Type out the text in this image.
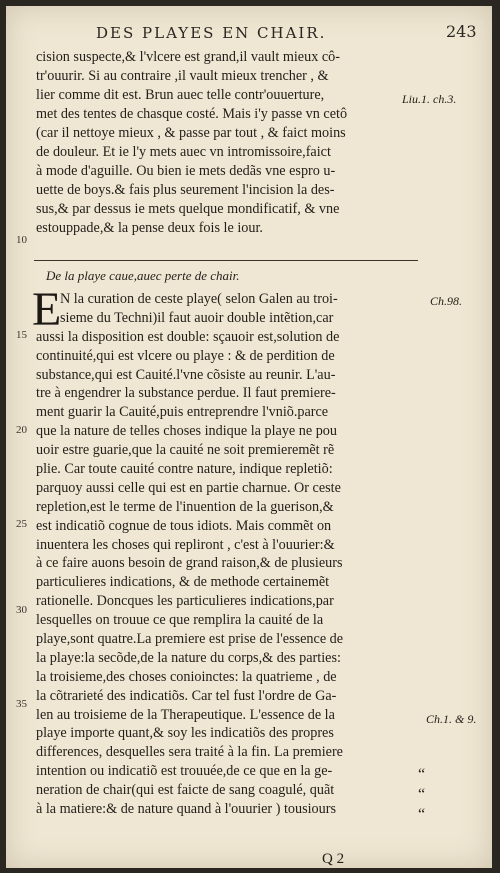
DES PLAYES EN CHAIR.	243
cision suspecte,& l'vlcere est grand,il vault mieux cô-
tr'ouurir. Si au contraire ,il vault mieux trencher , &
lier comme dit est. Brun auec telle contr'ouuerture,
met des tentes de chasque costé. Mais i'y passe vn cetô
(car il nettoye mieux , & passe par tout , & faict moins
de douleur. Et ie l'y mets auec vn intromissoire,faict
à mode d'aguille. Ou bien ie mets dedãs vne espro u-
uette de boys.& fais plus seurement l'incision la des-
sus,& par dessus ie mets quelque mondificatif, & vne
estouppade,& la pense deux fois le iour.
De la playe caue,auec perte de chair.
E
N la curation de ceste playe( selon Galen au troi-
sieme du Techni)il faut auoir double intẽtion,car
aussi la disposition est double: sçauoir est,solution de
continuité,qui est vlcere ou playe : & de perdition de
substance,qui est Cauité.l'vne cõsiste au reunir. L'au-
tre à engendrer la substance perdue. Il faut premiere-
ment guarir la Cauité,puis entreprendre l'vniõ.parce
que la nature de telles choses indique la playe ne pou
uoir estre guarie,que la cauité ne soit premieremẽt rẽ
plie. Car toute cauité contre nature, indique repletiõ:
parquoy aussi celle qui est en partie charnue. Or ceste
repletion,est le terme de l'inuention de la guerison,&
est indicatiõ cognue de tous idiots. Mais commẽt on
inuentera les choses qui repliront , c'est à l'ouurier:&
à ce faire auons besoin de grand raison,& de plusieurs
particulieres indications, & de methode certainemẽt
rationelle. Doncques les particulieres indications,par
lesquelles on trouue ce que remplira la cauité de la
playe,sont quatre.La premiere est prise de l'essence de
la playe:la secõde,de la nature du corps,& des parties:
la troisieme,des choses conioinctes: la quatrieme , de
la cõtrarieté des indicatiõs. Car tel fust l'ordre de Ga-
len au troisieme de la Therapeutique. L'essence de la
playe importe quant,& soy les indicatiõs des propres
differences, desquelles sera traité à la fin. La premiere
intention ou indicatiõ est trouuée,de ce que en la ge-
neration de chair(qui est faicte de sang coagulé, quãt
à la matiere:& de nature quand à l'ouurier ) tousiours
Liu.1. ch.3.
Ch.98.
Ch.1. & 9.
“
“
“
10
15
20
25
30
35
Q 2
